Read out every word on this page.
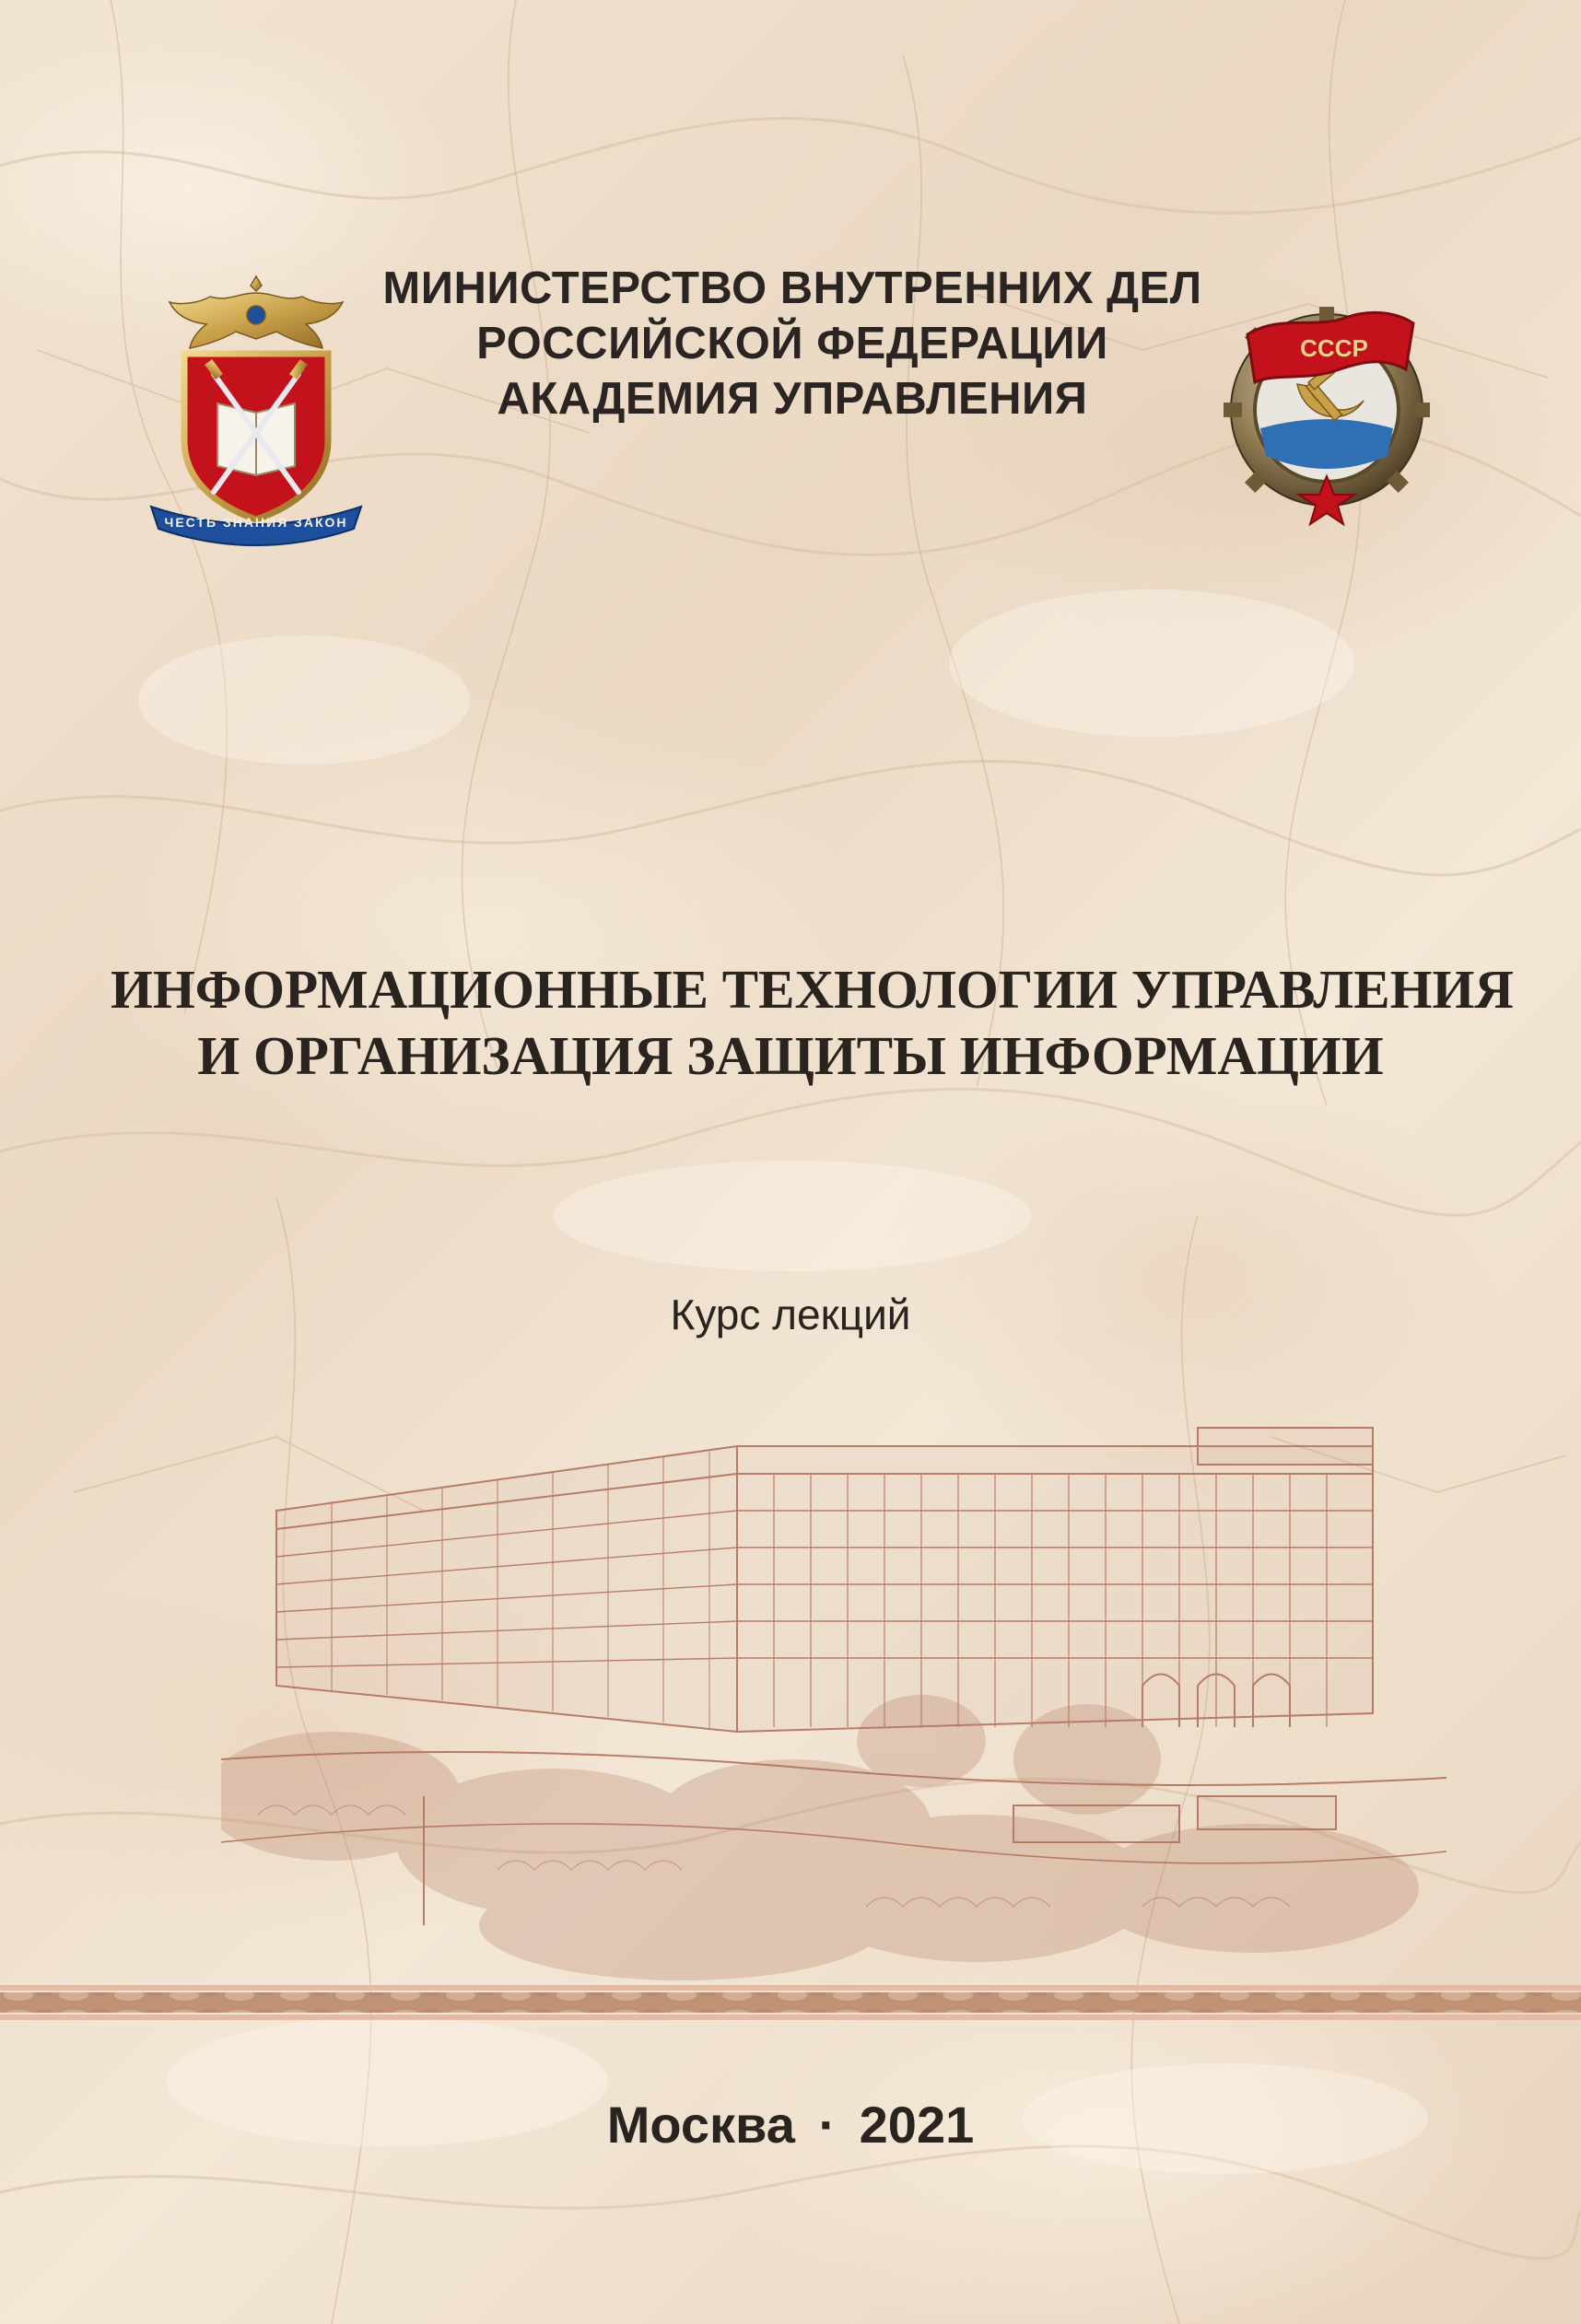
ЧЕСТЬ ЗНАНИЯ ЗАКОН
МИНИСТЕРСТВО ВНУТРЕННИХ ДЕЛ
РОССИЙСКОЙ ФЕДЕРАЦИИ
АКАДЕМИЯ УПРАВЛЕНИЯ
СССР
ИНФОРМАЦИОННЫЕ ТЕХНОЛОГИИ УПРАВЛЕНИЯ
И ОРГАНИЗАЦИЯ ЗАЩИТЫ ИНФОРМАЦИИ
Курс лекций
Москва · 2021
